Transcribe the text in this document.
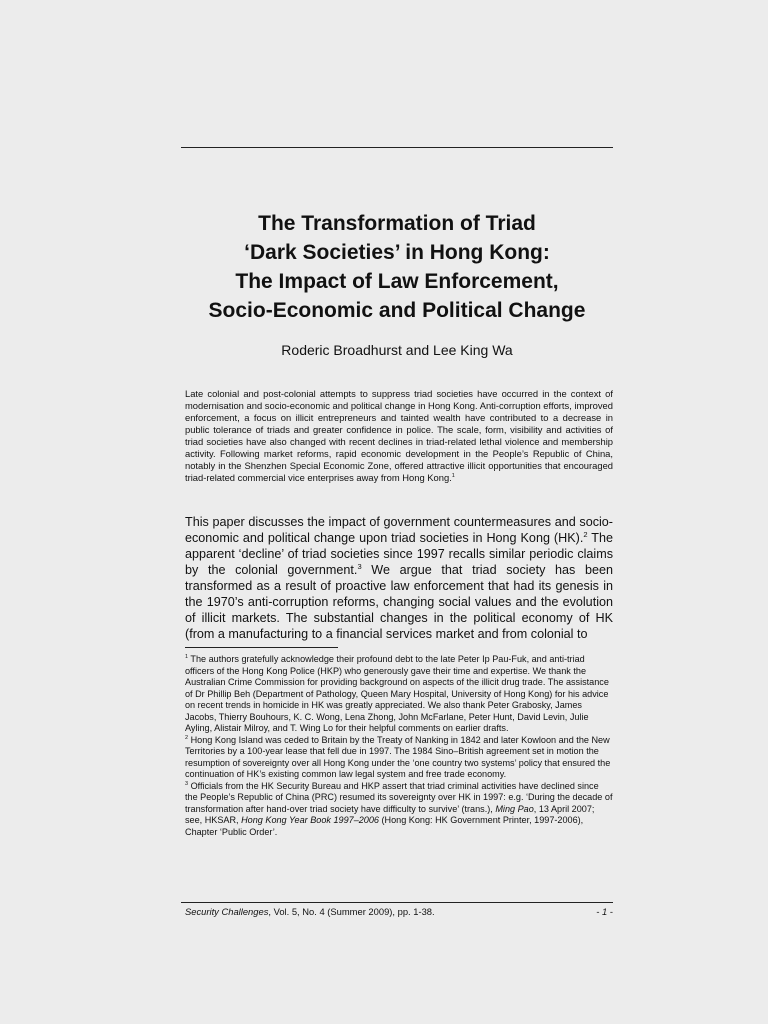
The Transformation of Triad
‘Dark Societies’ in Hong Kong:
The Impact of Law Enforcement,
Socio-Economic and Political Change
Roderic Broadhurst and Lee King Wa

Late colonial and post-colonial attempts to suppress triad societies have occurred in the context of modernisation and socio-economic and political change in Hong Kong. Anti-corruption efforts, improved enforcement, a focus on illicit entrepreneurs and tainted wealth have contributed to a decrease in public tolerance of triads and greater confidence in police. The scale, form, visibility and activities of triad societies have also changed with recent declines in triad-related lethal violence and membership activity. Following market reforms, rapid economic development in the People’s Republic of China, notably in the Shenzhen Special Economic Zone, offered attractive illicit opportunities that encouraged triad-related commercial vice enterprises away from Hong Kong.$^1$

This paper discusses the impact of government countermeasures and socio-economic and political change upon triad societies in Hong Kong (HK).$^2$ The apparent ‘decline’ of triad societies since 1997 recalls similar periodic claims by the colonial government.$^3$ We argue that triad society has been transformed as a result of proactive law enforcement that had its genesis in the 1970’s anti-corruption reforms, changing social values and the evolution of illicit markets. The substantial changes in the political economy of HK (from a manufacturing to a financial services market and from colonial to

$^1$ The authors gratefully acknowledge their profound debt to the late Peter Ip Pau-Fuk, and anti-triad officers of the Hong Kong Police (HKP) who generously gave their time and expertise. We thank the Australian Crime Commission for providing background on aspects of the illicit drug trade. The assistance of Dr Phillip Beh (Department of Pathology, Queen Mary Hospital, University of Hong Kong) for his advice on recent trends in homicide in HK was greatly appreciated. We also thank Peter Grabosky, James Jacobs, Thierry Bouhours, K. C. Wong, Lena Zhong, John McFarlane, Peter Hunt, David Levin, Julie Ayling, Alistair Milroy, and T. Wing Lo for their helpful comments on earlier drafts.

$^2$ Hong Kong Island was ceded to Britain by the Treaty of Nanking in 1842 and later Kowloon and the New Territories by a 100-year lease that fell due in 1997. The 1984 Sino–British agreement set in motion the resumption of sovereignty over all Hong Kong under the ‘one country two systems’ policy that ensured the continuation of HK’s existing common law legal system and free trade economy.

$^3$ Officials from the HK Security Bureau and HKP assert that triad criminal activities have declined since the People’s Republic of China (PRC) resumed its sovereignty over HK in 1997: e.g. ‘During the decade of transformation after hand-over triad society have difficulty to survive’ (trans.), Ming Pao, 13 April 2007; see, HKSAR, Hong Kong Year Book 1997–2006 (Hong Kong: HK Government Printer, 1997-2006), Chapter ‘Public Order’.

Security Challenges, Vol. 5, No. 4 (Summer 2009), pp. 1-38.	- 1 -
